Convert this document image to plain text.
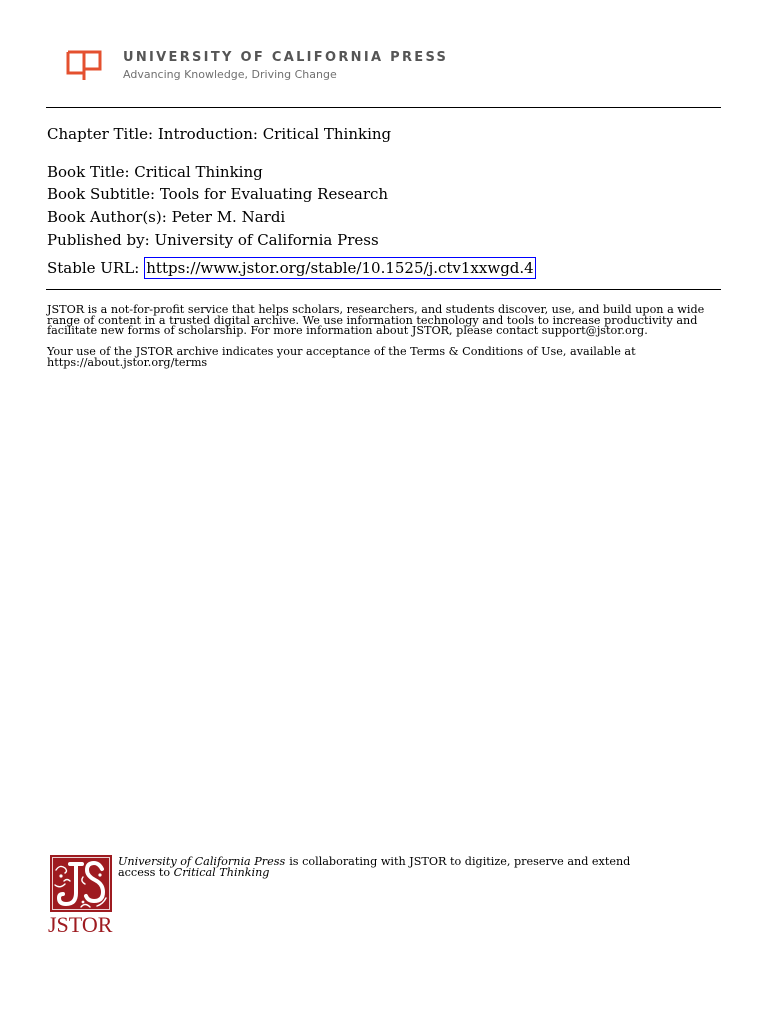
UNIVERSITY OF CALIFORNIA PRESS
Advancing Knowledge, Driving Change
Chapter Title: Introduction: Critical Thinking
Book Title: Critical Thinking
Book Subtitle: Tools for Evaluating Research
Book Author(s): Peter M. Nardi
Published by: University of California Press
Stable URL: https://www.jstor.org/stable/10.1525/j.ctv1xxwgd.4
JSTOR is a not-for-profit service that helps scholars, researchers, and students discover, use, and build upon a wide
range of content in a trusted digital archive. We use information technology and tools to increase productivity and
facilitate new forms of scholarship. For more information about JSTOR, please contact support@jstor.org.
Your use of the JSTOR archive indicates your acceptance of the Terms & Conditions of Use, available at
https://about.jstor.org/terms
JSTOR
University of California Press is collaborating with JSTOR to digitize, preserve and extend
access to Critical Thinking
